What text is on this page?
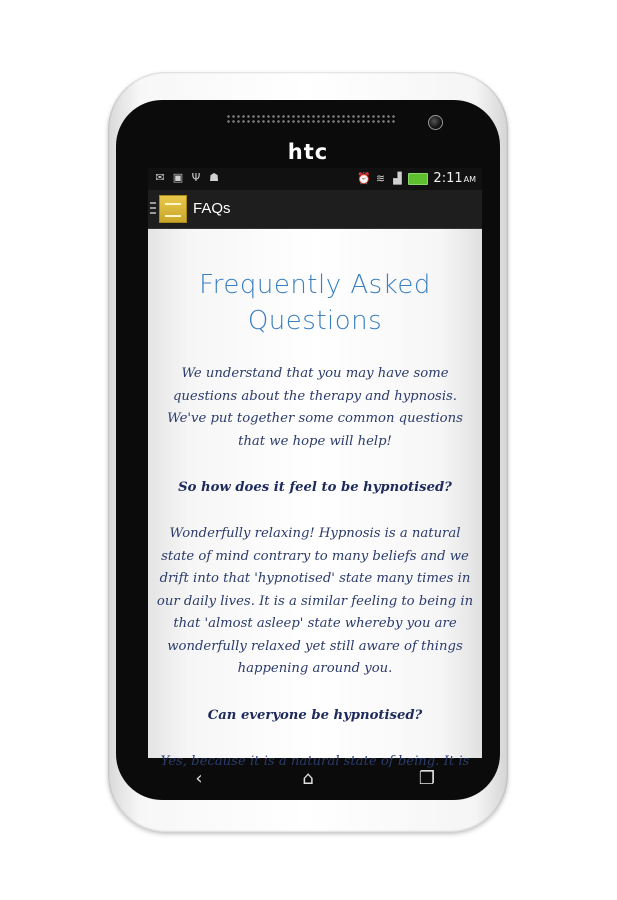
htc
✉ ▣ Ψ ☗	⏰ ≋ ▟ 2:11AM
FAQs
Frequently Asked Questions
We understand that you may have some questions about the therapy and hypnosis. We've put together some common questions that we hope will help!
So how does it feel to be hypnotised?
Wonderfully relaxing! Hypnosis is a natural state of mind contrary to many beliefs and we drift into that 'hypnotised' state many times in our daily lives. It is a similar feeling to being in that 'almost asleep' state whereby you are wonderfully relaxed yet still aware of things happening around you.
Can everyone be hypnotised?
Yes, because it is a natural state of being. It is
‹	⌂	❐
